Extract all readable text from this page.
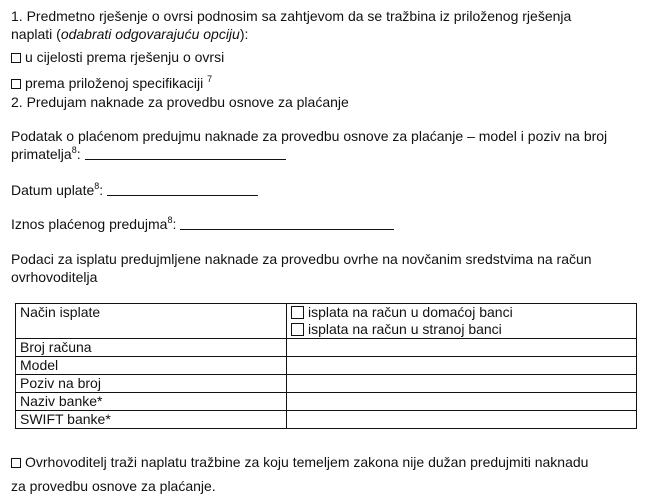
1. Predmetno rješenje o ovrsi podnosim sa zahtjevom da se tražbina iz priloženog rješenja
naplati (odabrati odgovarajuću opciju):
u cijelosti prema rješenju o ovrsi
prema priloženoj specifikaciji $^7$
2. Predujam naknade za provedbu osnove za plaćanje
Podatak o plaćenom predujmu naknade za provedbu osnove za plaćanje – model i poziv na broj
primatelja$^8$:
Datum uplate$^8$:
Iznos plaćenog predujma$^8$:
Podaci za isplatu predujmljene naknade za provedbu ovrhe na novčanim sredstvima na račun
ovrhovoditelja
Način isplate	isplata na račun u domaćoj banci
isplata na račun u stranoj banci

Broj računa	
Model	
Poziv na broj	
Naziv banke*	
SWIFT banke*	
Ovrhovoditelj traži naplatu tražbine za koju temeljem zakona nije dužan predujmiti naknadu
za provedbu osnove za plaćanje.
